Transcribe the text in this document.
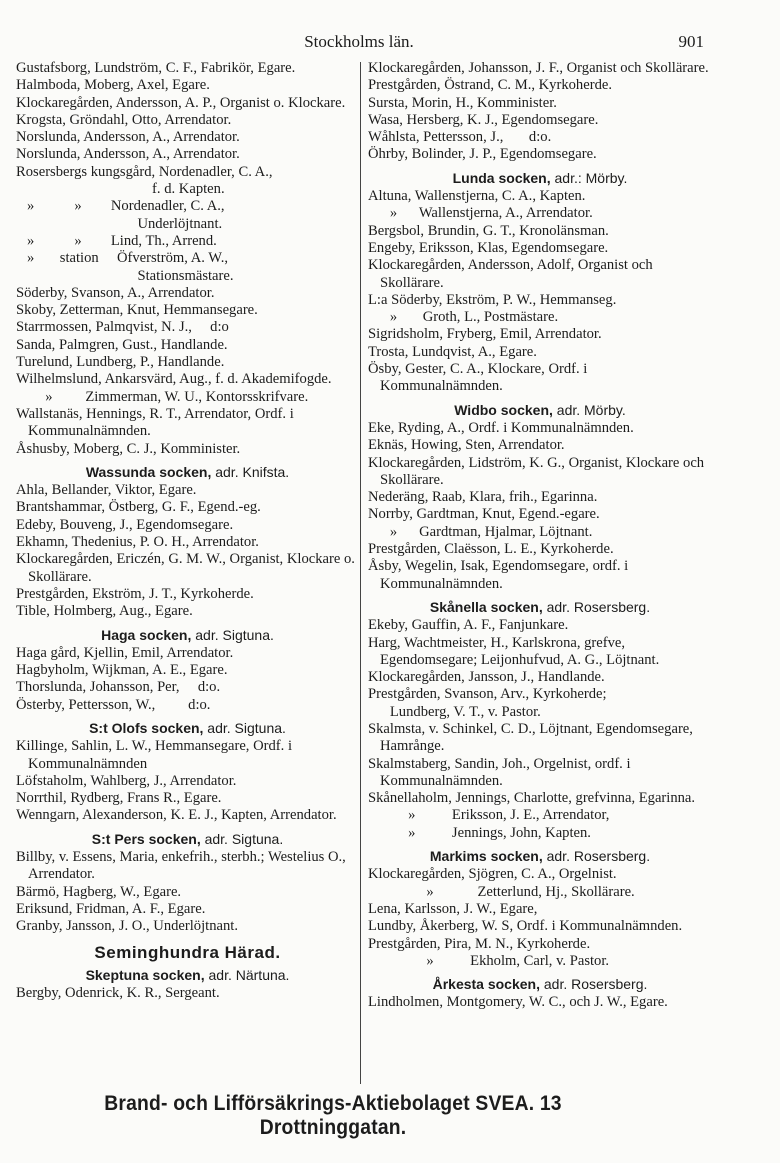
Stockholms län.	901

Gustafsborg, Lundström, C. F., Fabrikör, Egare.

Halmboda, Moberg, Axel, Egare.

Klockaregården, Andersson, A. P., Organist o. Klockare.

Krogsta, Gröndahl, Otto, Arrendator.

Norslunda, Andersson, A., Arrendator.

Norslunda, Andersson, A., Arrendator.

Rosersbergs kungsgård, Nordenadler, C. A.,
f. d. Kapten.

»           »        Nordenadler, C. A.,
Underlöjtnant.

»           »        Lind, Th., Arrend.

»       station     Öfverström, A. W.,
Stationsmästare.

Söderby, Svanson, A., Arrendator.

Skoby, Zetterman, Knut, Hemmansegare.

Starrmossen, Palmqvist, N. J.,     d:o

Sanda, Palmgren, Gust., Handlande.

Turelund, Lundberg, P., Handlande.

Wilhelmslund, Ankarsvärd, Aug., f. d. Akademifogde.

»         Zimmerman, W. U., Kontorsskrifvare.

Wallstanäs, Hennings, R. T., Arrendator, Ordf. i Kommunalnämnden.

Åshusby, Moberg, C. J., Komminister.

Wassunda socken, adr. Knifsta.

Ahla, Bellander, Viktor, Egare.

Brantshammar, Östberg, G. F., Egend.-eg.

Edeby, Bouveng, J., Egendomsegare.

Ekhamn, Thedenius, P. O. H., Arrendator.

Klockaregården, Ericzén, G. M. W., Organist, Klockare o. Skollärare.

Prestgården, Ekström, J. T., Kyrkoherde.

Tible, Holmberg, Aug., Egare.

Haga socken, adr. Sigtuna.

Haga gård, Kjellin, Emil, Arrendator.

Hagbyholm, Wijkman, A. E., Egare.

Thorslunda, Johansson, Per,     d:o.

Österby, Pettersson, W.,         d:o.

S:t Olofs socken, adr. Sigtuna.

Killinge, Sahlin, L. W., Hemmansegare, Ordf. i Kommunalnämnden

Löfstaholm, Wahlberg, J., Arrendator.

Norrthil, Rydberg, Frans R., Egare.

Wenngarn, Alexanderson, K. E. J., Kapten, Arrendator.

S:t Pers socken, adr. Sigtuna.

Billby, v. Essens, Maria, enkefrih., sterbh.; Westelius O., Arrendator.

Bärmö, Hagberg, W., Egare.

Eriksund, Fridman, A. F., Egare.

Granby, Jansson, J. O., Underlöjtnant.

Seminghundra Härad.
Skeptuna socken, adr. Närtuna.

Bergby, Odenrick, K. R., Sergeant.

Klockaregården, Johansson, J. F., Organist och Skollärare.

Prestgården, Östrand, C. M., Kyrkoherde.

Sursta, Morin, H., Komminister.

Wasa, Hersberg, K. J., Egendomsegare.

Wåhlsta, Pettersson, J.,       d:o.

Öhrby, Bolinder, J. P., Egendomsegare.

Lunda socken, adr.: Mörby.

Altuna, Wallenstjerna, C. A., Kapten.

»      Wallenstjerna, A., Arrendator.

Bergsbol, Brundin, G. T., Kronolänsman.

Engeby, Eriksson, Klas, Egendomsegare.

Klockaregården, Andersson, Adolf, Organist och Skollärare.

L:a Söderby, Ekström, P. W., Hemmanseg.

»       Groth, L., Postmästare.

Sigridsholm, Fryberg, Emil, Arrendator.

Trosta, Lundqvist, A., Egare.

Ösby, Gester, C. A., Klockare, Ordf. i Kommunalnämnden.

Widbo socken, adr. Mörby.

Eke, Ryding, A., Ordf. i Kommunalnämnden.

Eknäs, Howing, Sten, Arrendator.

Klockaregården, Lidström, K. G., Organist, Klockare och Skollärare.

Nederäng, Raab, Klara, frih., Egarinna.

Norrby, Gardtman, Knut, Egend.-egare.

»      Gardtman, Hjalmar, Löjtnant.

Prestgården, Claësson, L. E., Kyrkoherde.

Åsby, Wegelin, Isak, Egendomsegare, ordf. i Kommunalnämnden.

Skånella socken, adr. Rosersberg.

Ekeby, Gauffin, A. F., Fanjunkare.

Harg, Wachtmeister, H., Karlskrona, grefve, Egendomsegare; Leijonhufvud, A. G., Löjtnant.

Klockaregården, Jansson, J., Handlande.

Prestgården, Svanson, Arv., Kyrkoherde;

Lundberg, V. T., v. Pastor.

Skalmsta, v. Schinkel, C. D., Löjtnant, Egendomsegare, Hamrånge.

Skalmstaberg, Sandin, Joh., Orgelnist, ordf. i Kommunalnämnden.

Skånellaholm, Jennings, Charlotte, grefvinna, Egarinna.

»          Eriksson, J. E., Arrendator,

»          Jennings, John, Kapten.

Markims socken, adr. Rosersberg.

Klockaregården, Sjögren, C. A., Orgelnist.

»            Zetterlund, Hj., Skollärare.

Lena, Karlsson, J. W., Egare,

Lundby, Åkerberg, W. S, Ordf. i Kommunalnämnden.

Prestgården, Pira, M. N., Kyrkoherde.

»          Ekholm, Carl, v. Pastor.

Årkesta socken, adr. Rosersberg.

Lindholmen, Montgomery, W. C., och J. W., Egare.

Brand- och Lifförsäkrings-Aktiebolaget SVEA. 13 Drottninggatan.
